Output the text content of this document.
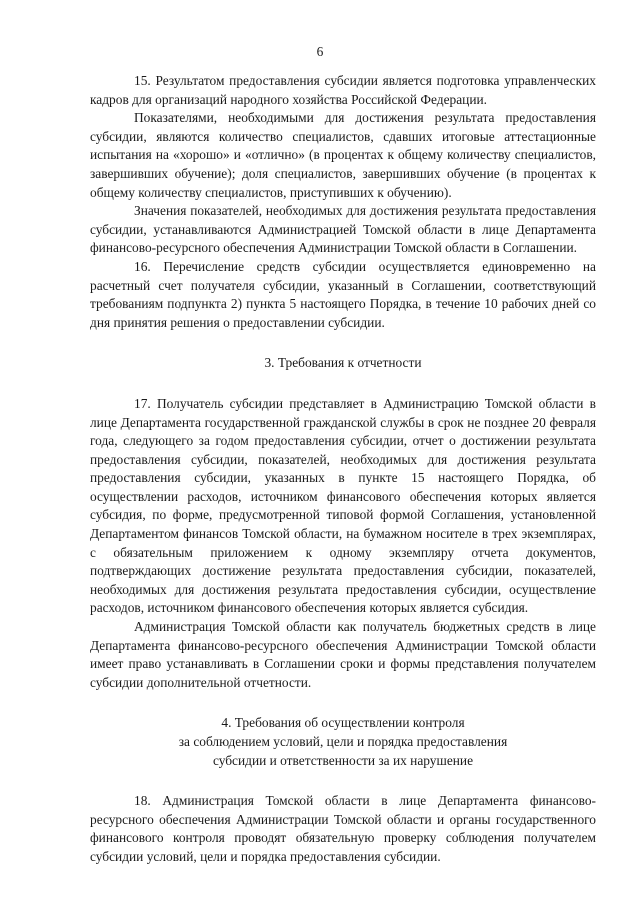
6

15. Результатом предоставления субсидии является подготовка управленческих кадров для организаций народного хозяйства Российской Федерации.

Показателями, необходимыми для достижения результата предоставления субсидии, являются количество специалистов, сдавших итоговые аттестационные испытания на «хорошо» и «отлично» (в процентах к общему количеству специалистов, завершивших обучение); доля специалистов, завершивших обучение (в процентах к общему количеству специалистов, приступивших к обучению).

Значения показателей, необходимых для достижения результата предоставления субсидии, устанавливаются Администрацией Томской области в лице Департамента финансово-ресурсного обеспечения Администрации Томской области в Соглашении.

16. Перечисление средств субсидии осуществляется единовременно на расчетный счет получателя субсидии, указанный в Соглашении, соответствующий требованиям подпункта 2) пункта 5 настоящего Порядка, в течение 10 рабочих дней со дня принятия решения о предоставлении субсидии.

3. Требования к отчетности

17. Получатель субсидии представляет в Администрацию Томской области в лице Департамента государственной гражданской службы в срок не позднее 20 февраля года, следующего за годом предоставления субсидии, отчет о достижении результата предоставления субсидии, показателей, необходимых для достижения результата предоставления субсидии, указанных в пункте 15 настоящего Порядка, об осуществлении расходов, источником финансового обеспечения которых является субсидия, по форме, предусмотренной типовой формой Соглашения, установленной Департаментом финансов Томской области, на бумажном носителе в трех экземплярах, с обязательным приложением к одному экземпляру отчета документов, подтверждающих достижение результата предоставления субсидии, показателей, необходимых для достижения результата предоставления субсидии, осуществление расходов, источником финансового обеспечения которых является субсидия.

Администрация Томской области как получатель бюджетных средств в лице Департамента финансово-ресурсного обеспечения Администрации Томской области имеет право устанавливать в Соглашении сроки и формы представления получателем субсидии дополнительной отчетности.

4. Требования об осуществлении контроля
за соблюдением условий, цели и порядка предоставления
субсидии и ответственности за их нарушение

18. Администрация Томской области в лице Департамента финансово-ресурсного обеспечения Администрации Томской области и органы государственного финансового контроля проводят обязательную проверку соблюдения получателем субсидии условий, цели и порядка предоставления субсидии.
